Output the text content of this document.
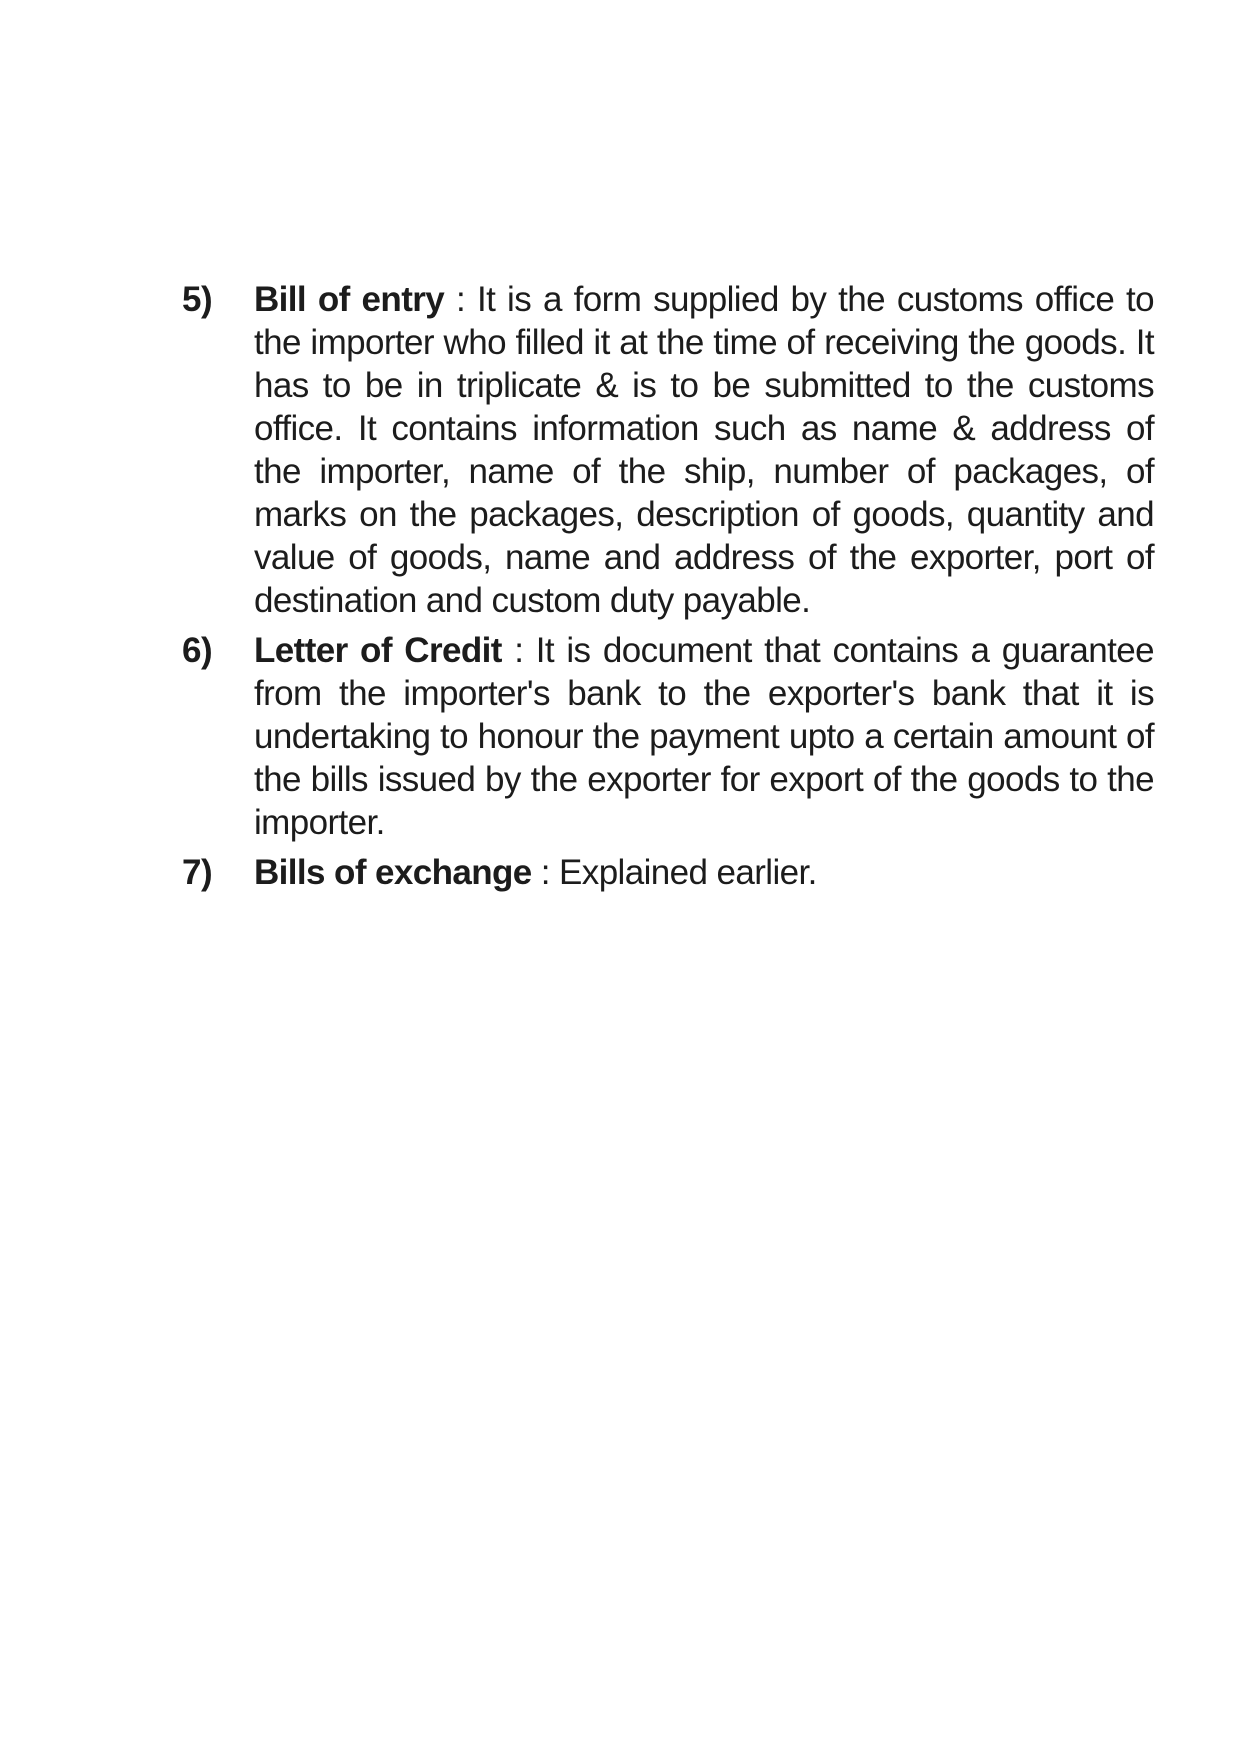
5)	Bill of entry : It is a form supplied by the customs office to the importer who filled it at the time of receiving the goods. It has to be in triplicate & is to be submitted to the customs office. It contains information such as name & address of the importer, name of the ship, number of packages, of marks on the packages, description of goods, quantity and value of goods, name and address of the exporter, port of destination and custom duty payable.
6)	Letter of Credit : It is document that contains a guarantee from the importer's bank to the exporter's bank that it is undertaking to honour the payment upto a certain amount of the bills issued by the exporter for export of the goods to the importer.
7)	Bills of exchange : Explained earlier.
